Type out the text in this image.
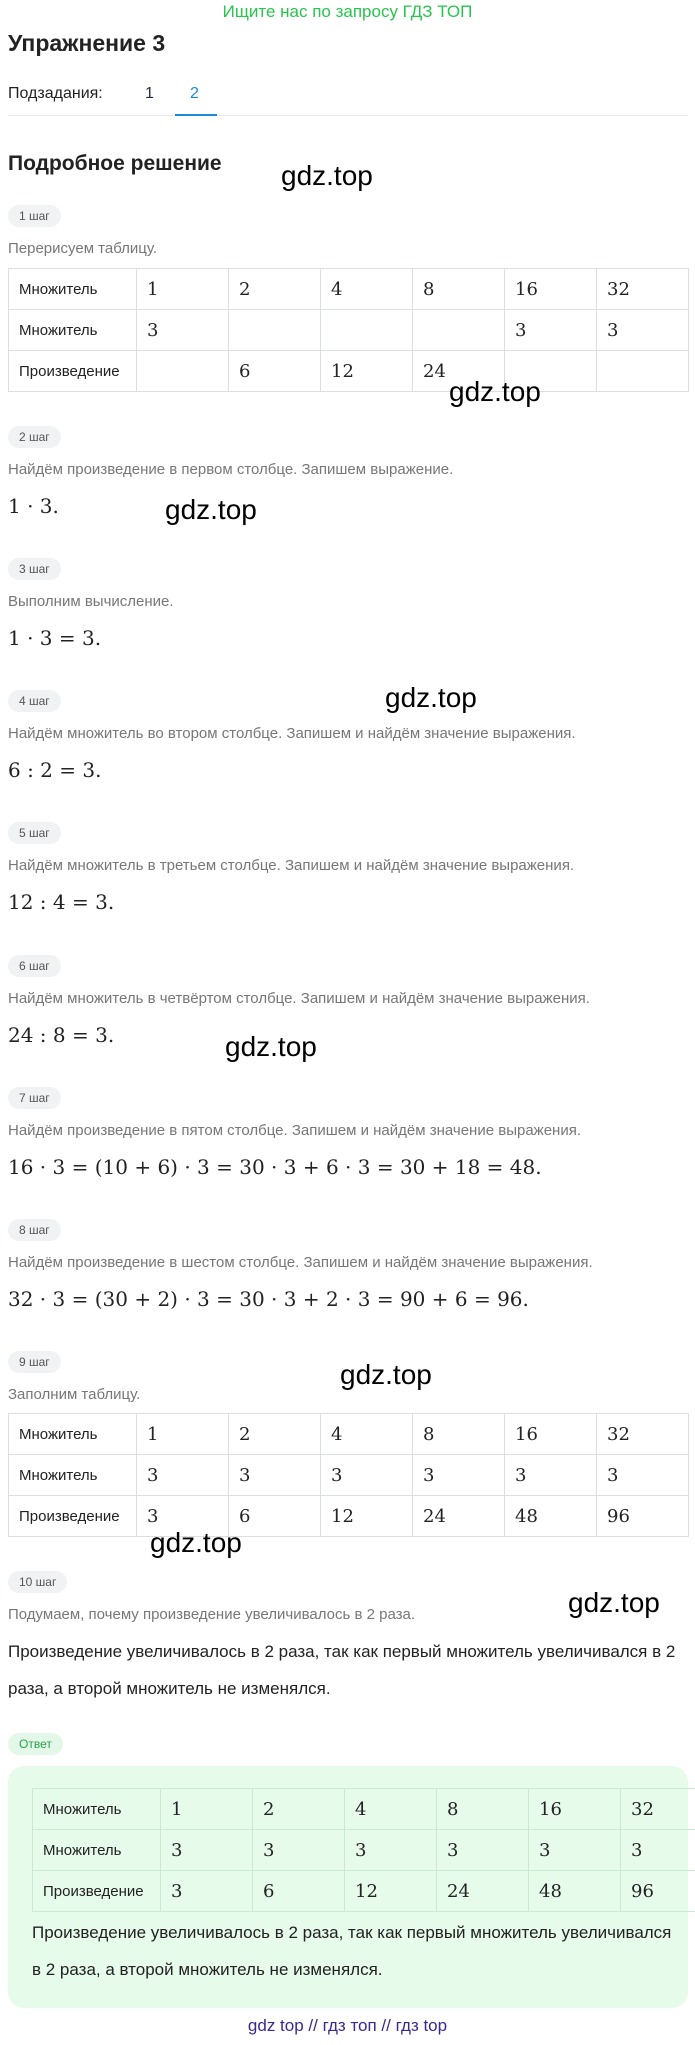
Ищите нас по запросу ГДЗ ТОП
Упражнение 3
Подзадания:	1 2
Подробное решение
1 шаг
Перерисуем таблицу.
Множитель	1	2	4	8	16	32
Множитель	3				3	3
Произведение		6	12	24		
2 шаг
Найдём произведение в первом столбце. Запишем выражение.
1 · 3.
3 шаг
Выполним вычисление.
1 · 3 = 3.
4 шаг
Найдём множитель во втором столбце. Запишем и найдём значение выражения.
6 : 2 = 3.
5 шаг
Найдём множитель в третьем столбце. Запишем и найдём значение выражения.
12 : 4 = 3.
6 шаг
Найдём множитель в четвёртом столбце. Запишем и найдём значение выражения.
24 : 8 = 3.
7 шаг
Найдём произведение в пятом столбце. Запишем и найдём значение выражения.
16 · 3 = (10 + 6) · 3 = 30 · 3 + 6 · 3 = 30 + 18 = 48.
8 шаг
Найдём произведение в шестом столбце. Запишем и найдём значение выражения.
32 · 3 = (30 + 2) · 3 = 30 · 3 + 2 · 3 = 90 + 6 = 96.
9 шаг
Заполним таблицу.
Множитель	1	2	4	8	16	32
Множитель	3	3	3	3	3	3
Произведение	3	6	12	24	48	96
10 шаг
Подумаем, почему произведение увеличивалось в 2 раза.
Произведение увеличивалось в 2 раза, так как первый множитель увеличивался в 2 раза, а второй множитель не изменялся.
Ответ
Множитель	1	2	4	8	16	32
Множитель	3	3	3	3	3	3
Произведение	3	6	12	24	48	96
Произведение увеличивалось в 2 раза, так как первый множитель увеличивался в 2 раза, а второй множитель не изменялся.
gdz.top
gdz.top
gdz.top
gdz.top
gdz.top
gdz.top
gdz.top
gdz.top
gdz top // гдз топ // гдз top
